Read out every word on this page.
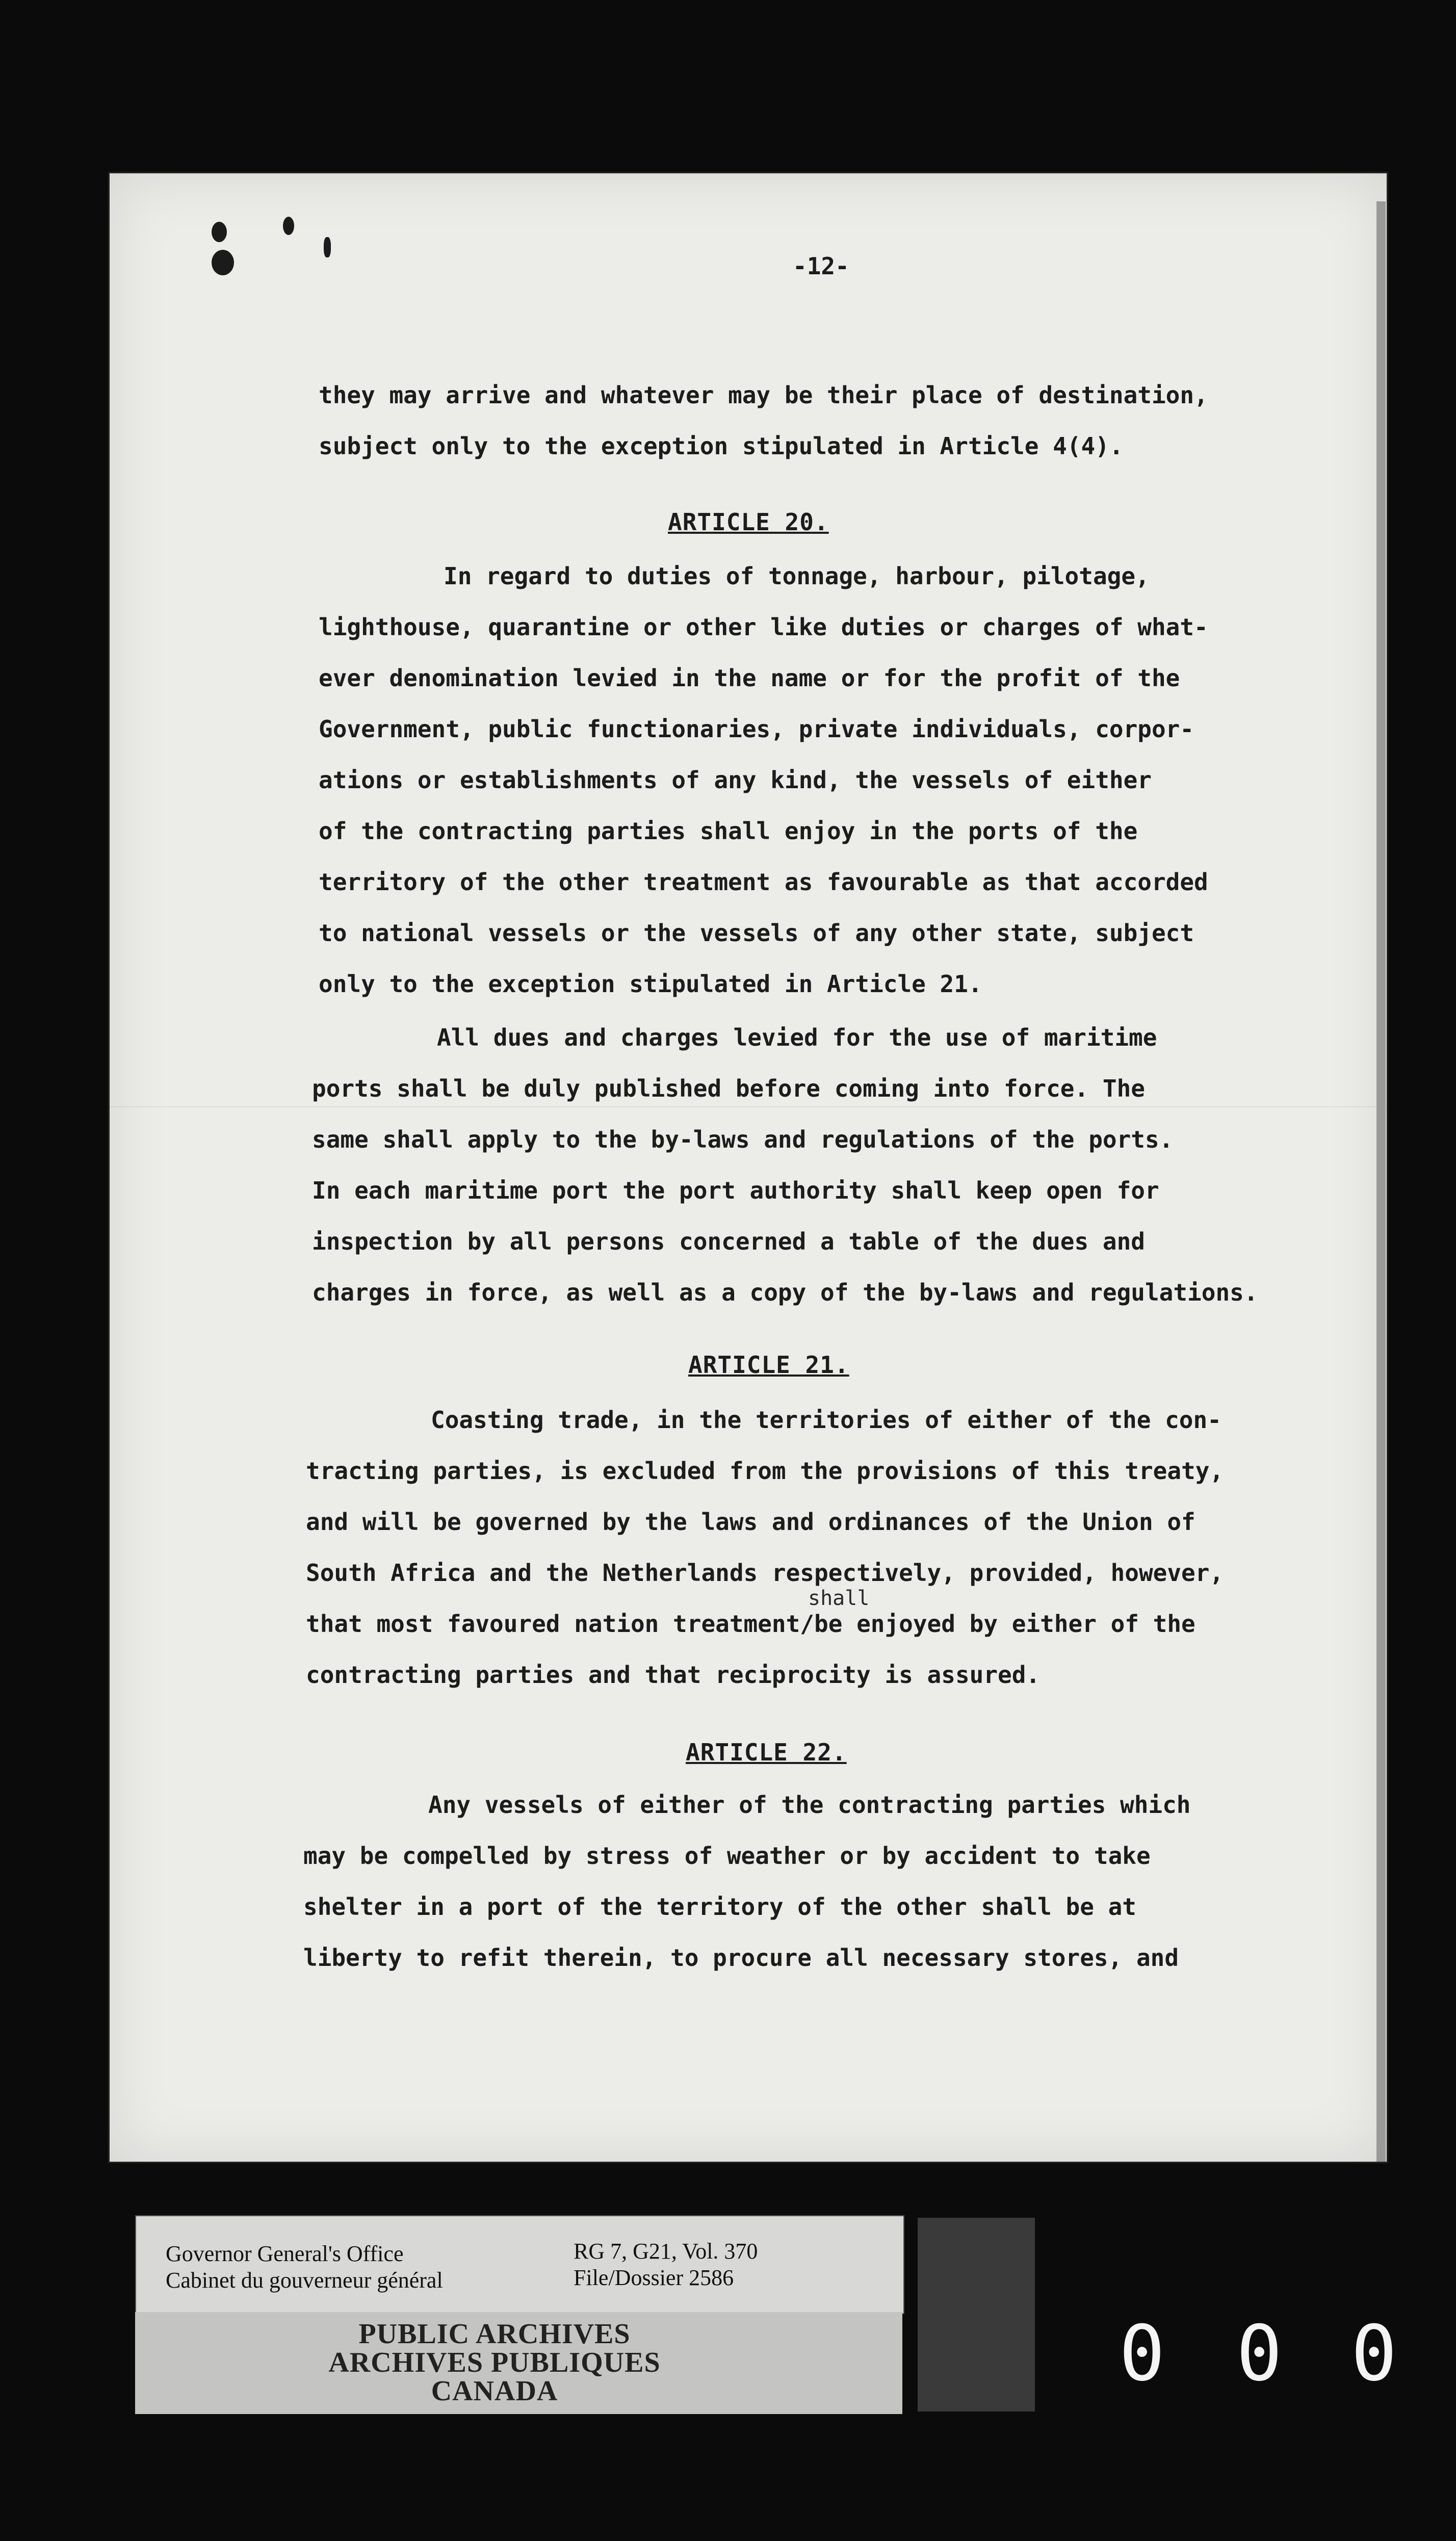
-12-
they may arrive and whatever may be their place of destination,
subject only to the exception stipulated in Article 4(4).
ARTICLE 20.
In regard to duties of tonnage, harbour, pilotage,
lighthouse, quarantine or other like duties or charges of what-
ever denomination levied in the name or for the profit of the
Government, public functionaries, private individuals, corpor-
ations or establishments of any kind, the vessels of either
of the contracting parties shall enjoy in the ports of the
territory of the other treatment as favourable as that accorded
to national vessels or the vessels of any other state, subject
only to the exception stipulated in Article 21.
All dues and charges levied for the use of maritime
ports shall be duly published before coming into force. The
same shall apply to the by-laws and regulations of the ports.
In each maritime port the port authority shall keep open for
inspection by all persons concerned a table of the dues and
charges in force, as well as a copy of the by-laws and regulations.
ARTICLE 21.
Coasting trade, in the territories of either of the con-
tracting parties, is excluded from the provisions of this treaty,
and will be governed by the laws and ordinances of the Union of
South Africa and the Netherlands respectively, provided, however,
that most favoured nation treatment/be enjoyed by either of the
contracting parties and that reciprocity is assured.
shall
ARTICLE 22.
Any vessels of either of the contracting parties which
may be compelled by stress of weather or by accident to take
shelter in a port of the territory of the other shall be at
liberty to refit therein, to procure all necessary stores, and
Governor General's Office
Cabinet du gouverneur général
RG 7, G21, Vol. 370
File/Dossier 2586
PUBLIC ARCHIVES
ARCHIVES PUBLIQUES
CANADA	0 0 0
